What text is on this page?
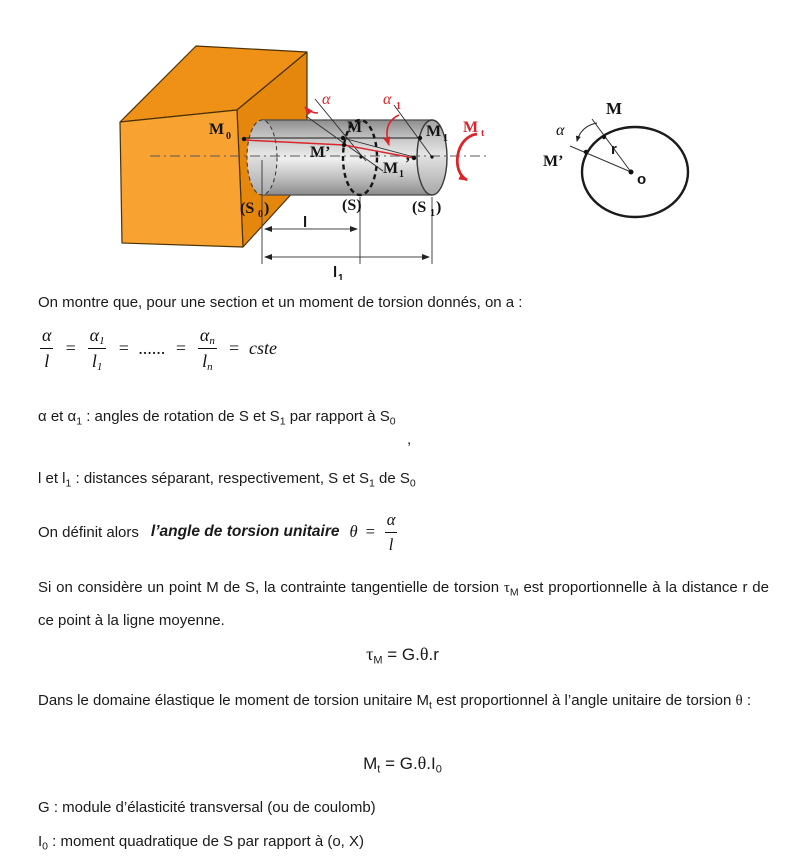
M 0
M
M’
M 1
M 1
’
M t
(S 0 )	(S)	(S 1 )
α	α 1
l
l 1
M
M’
α
r
o
On montre que, pour une section et un moment de torsion donnés, on a :
$\frac{\alpha}{l} = \frac{\alpha 1}{l 1}$ = ...... = $\frac{\text{α n}}{\text{l n}}$ = cste
α et $\alpha_1$ : angles de rotation de S et $S_1$ par rapport à $S_0$
,
l et $l_1$ : distances séparant, respectivement, S et $S_1$ de $S_0$
On définit alors l’angle de torsion unitaire $\theta = \frac{\alpha}{l}$
Si on considère un point M de S, la contrainte tangentielle de torsion $\tau_M$ est proportionnelle à la distance r de ce point à la ligne moyenne.
$\tau_M = G.\theta.r$
Dans le domaine élastique le moment de torsion unitaire $M_t$ est proportionnel à l’angle unitaire de torsion θ :
$M_t = G.\theta.I_0$
G : module d’élasticité transversal (ou de coulomb)
$I_0$ : moment quadratique de S par rapport à (o, X)
